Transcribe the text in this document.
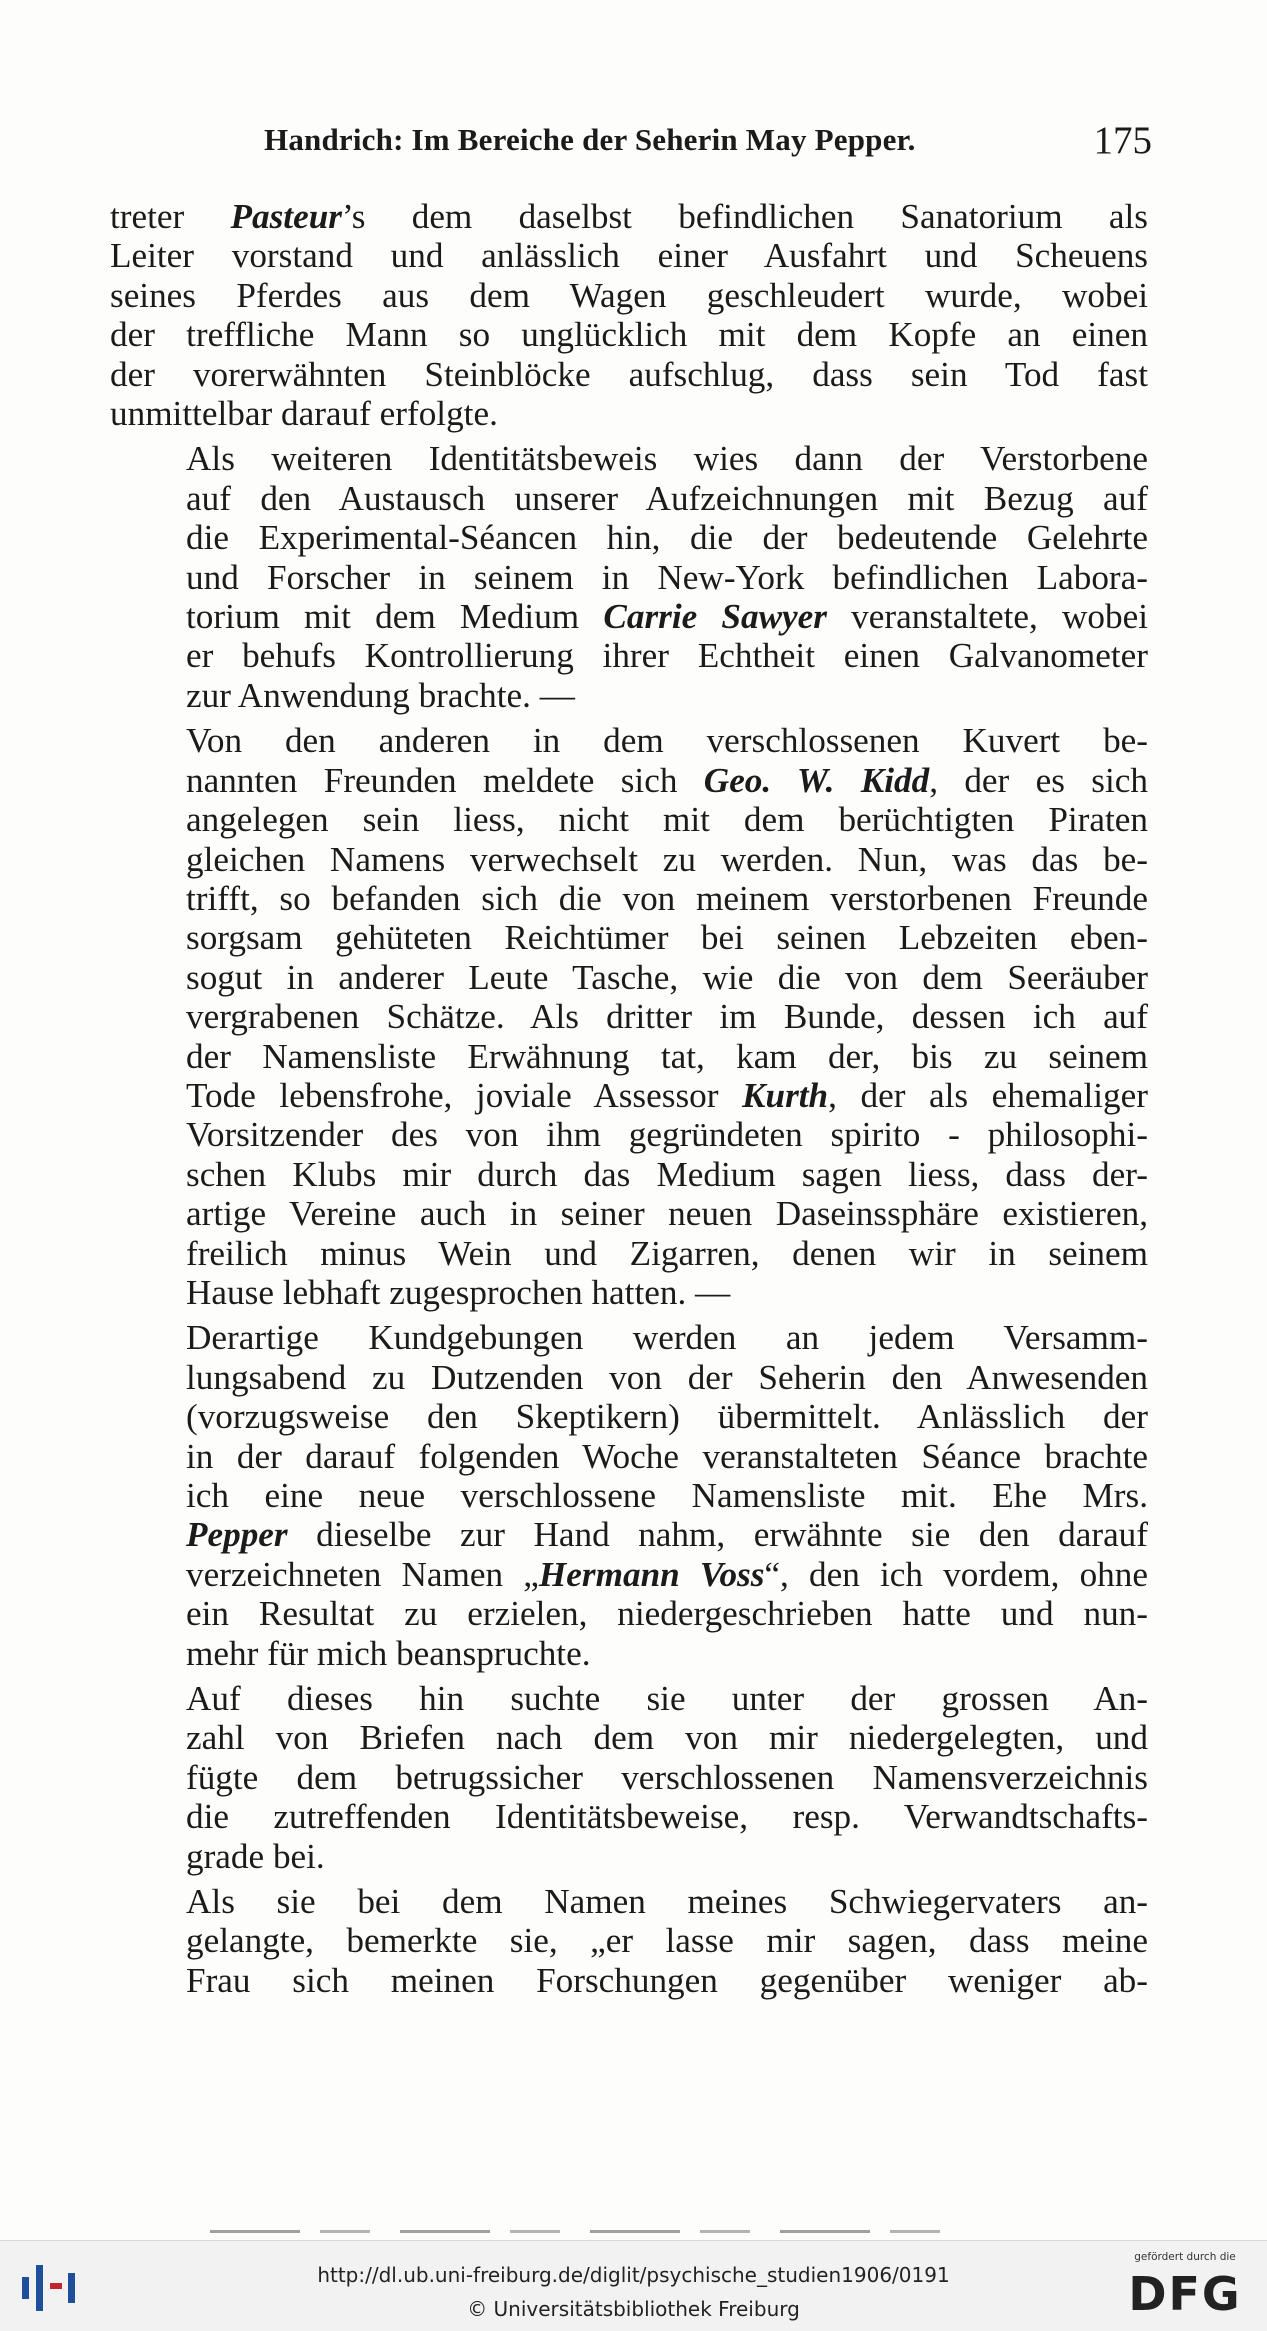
Handrich: Im Bereiche der Seherin May Pepper.	175

treter Pasteur’s dem daselbst befindlichen Sanatorium als
Leiter vorstand und anlässlich einer Ausfahrt und Scheuens
seines Pferdes aus dem Wagen geschleudert wurde, wobei
der treffliche Mann so unglücklich mit dem Kopfe an einen
der vorerwähnten Steinblöcke aufschlug, dass sein Tod fast
unmittelbar darauf erfolgte.

Als weiteren Identitätsbeweis wies dann der Verstorbene
auf den Austausch unserer Aufzeichnungen mit Bezug auf
die Experimental-Séancen hin, die der bedeutende Gelehrte
und Forscher in seinem in New-York befindlichen Labora-
torium mit dem Medium Carrie Sawyer veranstaltete, wobei
er behufs Kontrollierung ihrer Echtheit einen Galvanometer
zur Anwendung brachte. —

Von den anderen in dem verschlossenen Kuvert be-
nannten Freunden meldete sich Geo. W. Kidd, der es sich
angelegen sein liess, nicht mit dem berüchtigten Piraten
gleichen Namens verwechselt zu werden. Nun, was das be-
trifft, so befanden sich die von meinem verstorbenen Freunde
sorgsam gehüteten Reichtümer bei seinen Lebzeiten eben-
sogut in anderer Leute Tasche, wie die von dem Seeräuber
vergrabenen Schätze. Als dritter im Bunde, dessen ich auf
der Namensliste Erwähnung tat, kam der, bis zu seinem
Tode lebensfrohe, joviale Assessor Kurth, der als ehemaliger
Vorsitzender des von ihm gegründeten spirito - philosophi-
schen Klubs mir durch das Medium sagen liess, dass der-
artige Vereine auch in seiner neuen Daseinssphäre existieren,
freilich minus Wein und Zigarren, denen wir in seinem
Hause lebhaft zugesprochen hatten. —

Derartige Kundgebungen werden an jedem Versamm-
lungsabend zu Dutzenden von der Seherin den Anwesenden
(vorzugsweise den Skeptikern) übermittelt. Anlässlich der
in der darauf folgenden Woche veranstalteten Séance brachte
ich eine neue verschlossene Namensliste mit. Ehe Mrs.
Pepper dieselbe zur Hand nahm, erwähnte sie den darauf
verzeichneten Namen „Hermann Voss“, den ich vordem, ohne
ein Resultat zu erzielen, niedergeschrieben hatte und nun-
mehr für mich beanspruchte.

Auf dieses hin suchte sie unter der grossen An-
zahl von Briefen nach dem von mir niedergelegten, und
fügte dem betrugssicher verschlossenen Namensverzeichnis
die zutreffenden Identitätsbeweise, resp. Verwandtschafts-
grade bei.

Als sie bei dem Namen meines Schwiegervaters an-
gelangte, bemerkte sie, „er lasse mir sagen, dass meine
Frau sich meinen Forschungen gegenüber weniger ab-

http://dl.ub.uni-freiburg.de/diglit/psychische_studien1906/0191
© Universitätsbibliothek Freiburg
gefördert durch die
DFG
